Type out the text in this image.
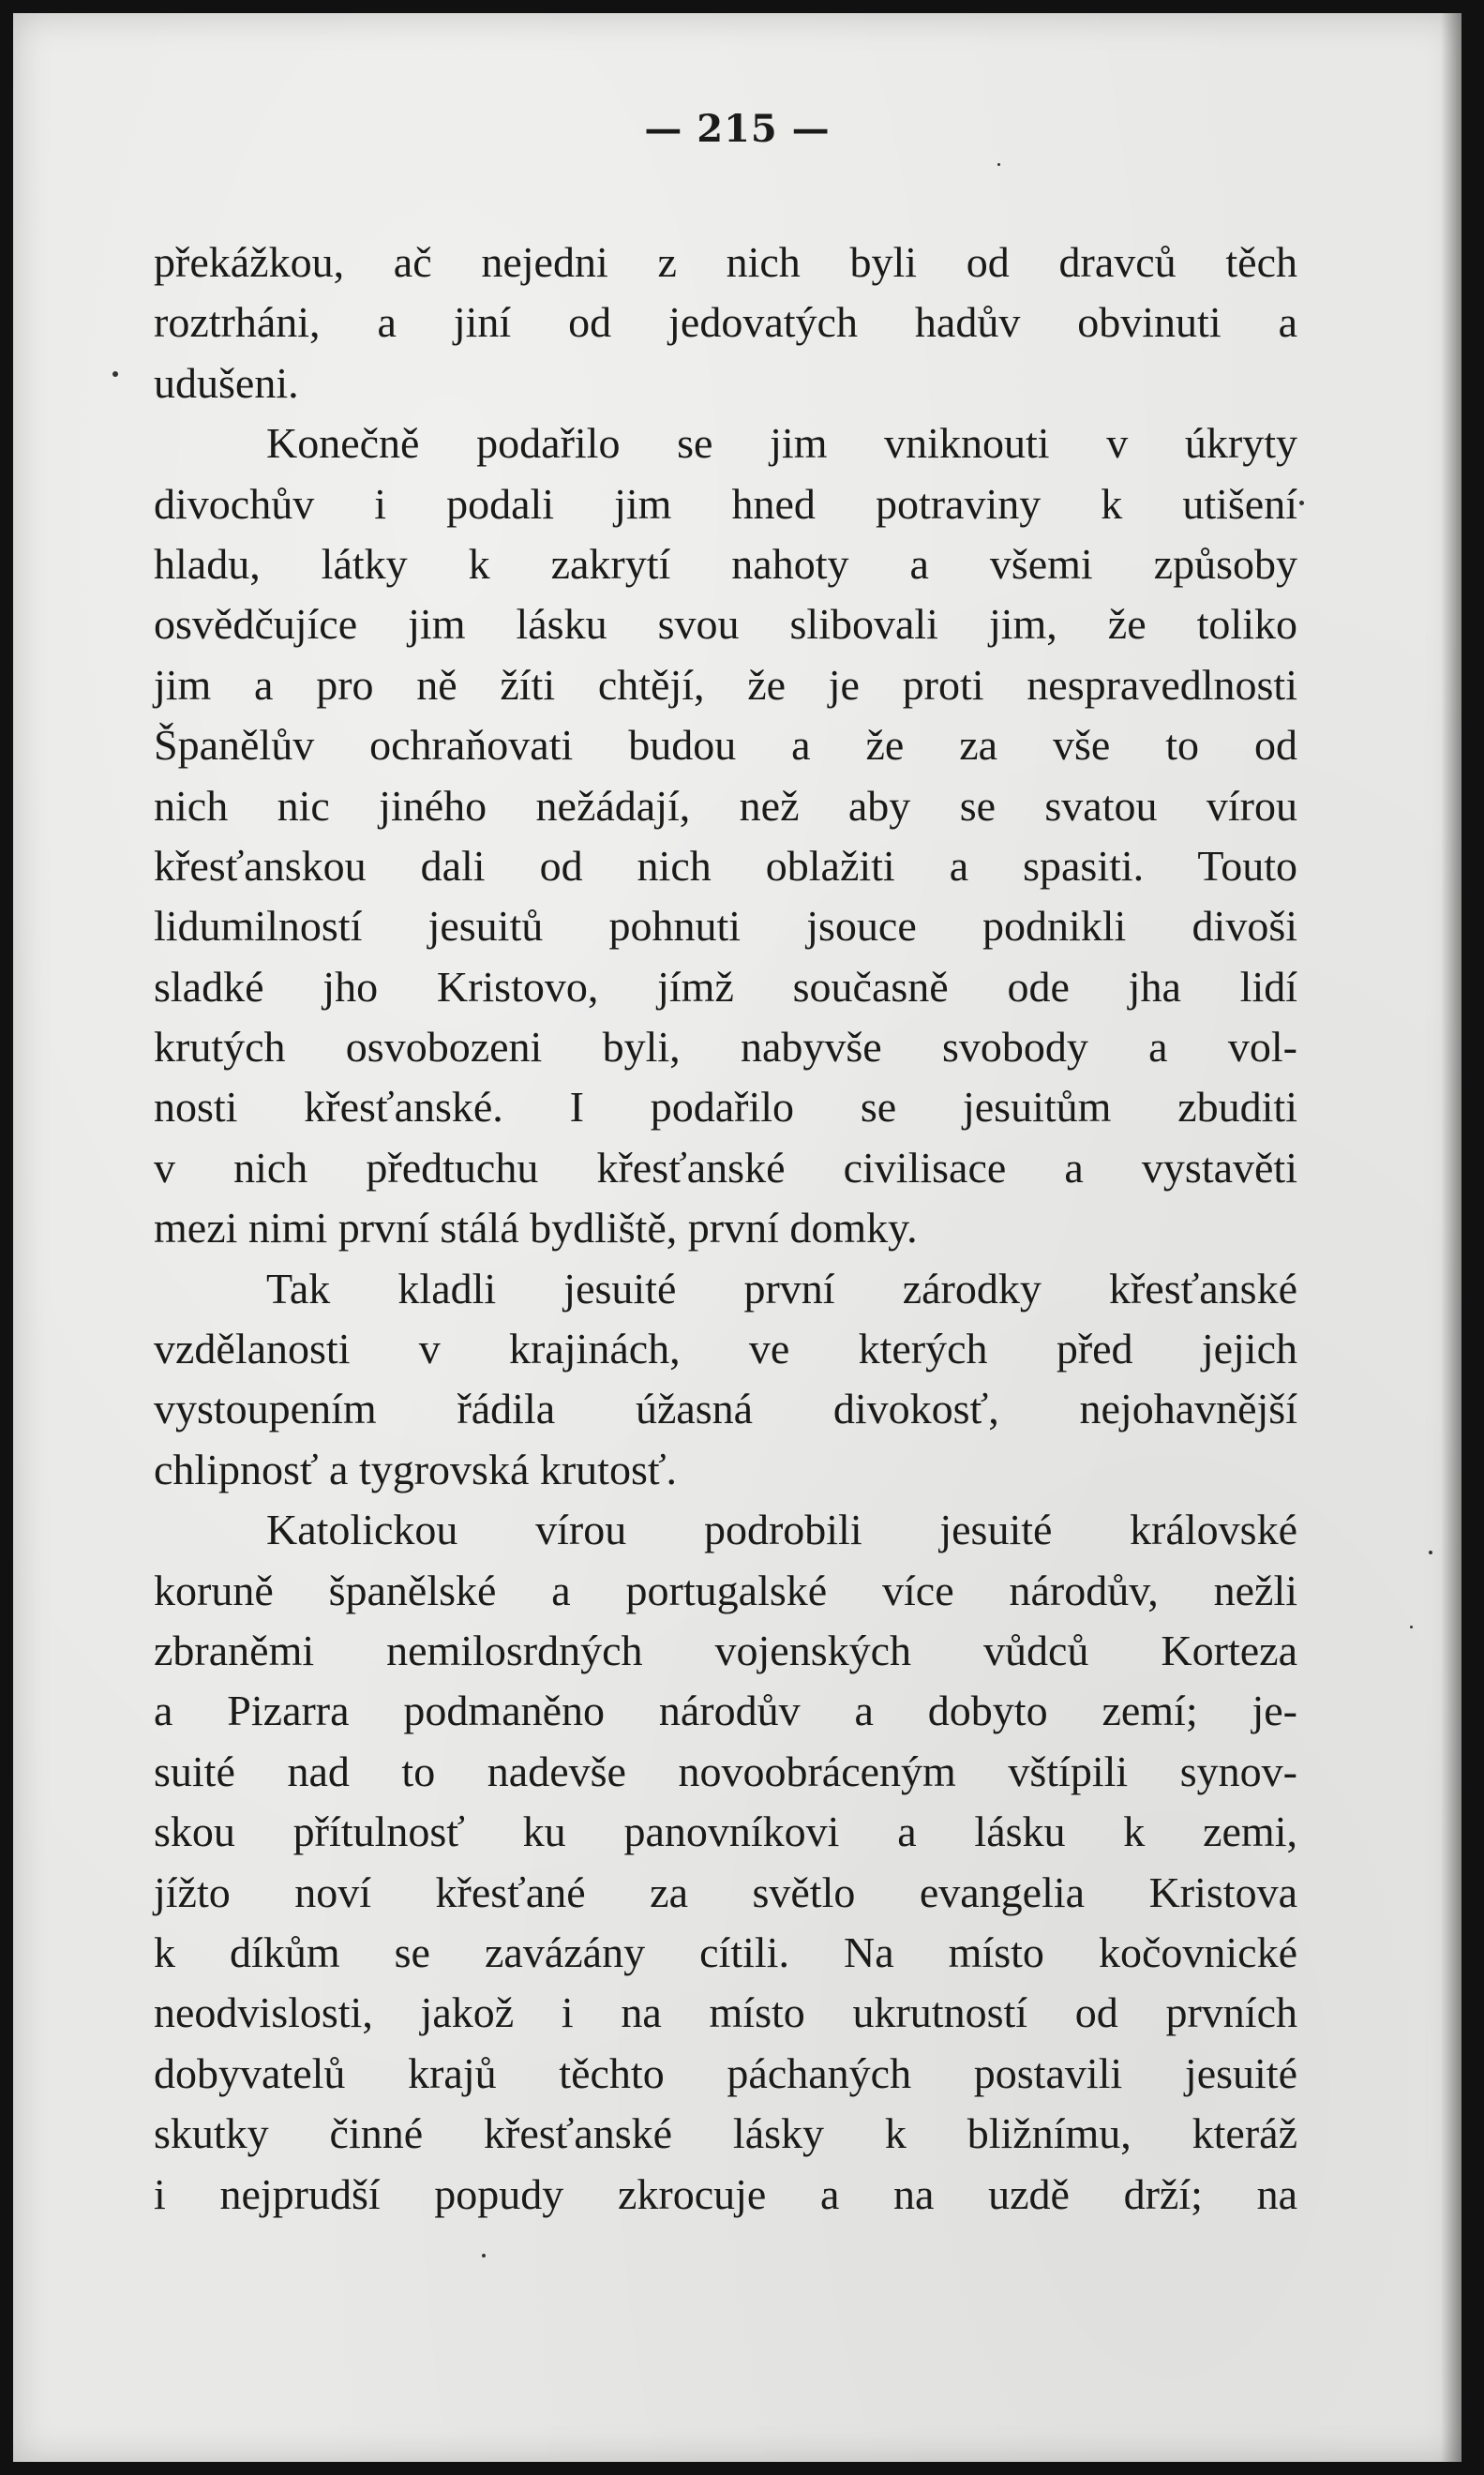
— 215 —
překážkou, ač nejedni z nich byli od dravců těch
roztrháni, a jiní od jedovatých hadův obvinuti a
udušeni.
Konečně podařilo se jim vniknouti v úkryty
divochův i podali jim hned potraviny k utišení
hladu, látky k zakrytí nahoty a všemi způsoby
osvědčujíce jim lásku svou slibovali jim, že toliko
jim a pro ně žíti chtějí, že je proti nespravedlnosti
Španělův ochraňovati budou a že za vše to od
nich nic jiného nežádají, než aby se svatou vírou
křesťanskou dali od nich oblažiti a spasiti. Touto
lidumilností jesuitů pohnuti jsouce podnikli divoši
sladké jho Kristovo, jímž současně ode jha lidí
krutých osvobozeni byli, nabyvše svobody a vol-
nosti křesťanské. I podařilo se jesuitům zbuditi
v nich předtuchu křesťanské civilisace a vystavěti
mezi nimi první stálá bydliště, první domky.
Tak kladli jesuité první zárodky křesťanské
vzdělanosti v krajinách, ve kterých před jejich
vystoupením řádila úžasná divokosť, nejohavnější
chlipnosť a tygrovská krutosť.
Katolickou vírou podrobili jesuité královské
koruně španělské a portugalské více národův, nežli
zbraněmi nemilosrdných vojenských vůdců Korteza
a Pizarra podmaněno národův a dobyto zemí; je-
suité nad to nadevše novoobráceným vštípili synov-
skou přítulnosť ku panovníkovi a lásku k zemi,
jížto noví křesťané za světlo evangelia Kristova
k díkům se zavázány cítili. Na místo kočovnické
neodvislosti, jakož i na místo ukrutností od prvních
dobyvatelů krajů těchto páchaných postavili jesuité
skutky činné křesťanské lásky k bližnímu, kteráž
i nejprudší popudy zkrocuje a na uzdě drží; na
